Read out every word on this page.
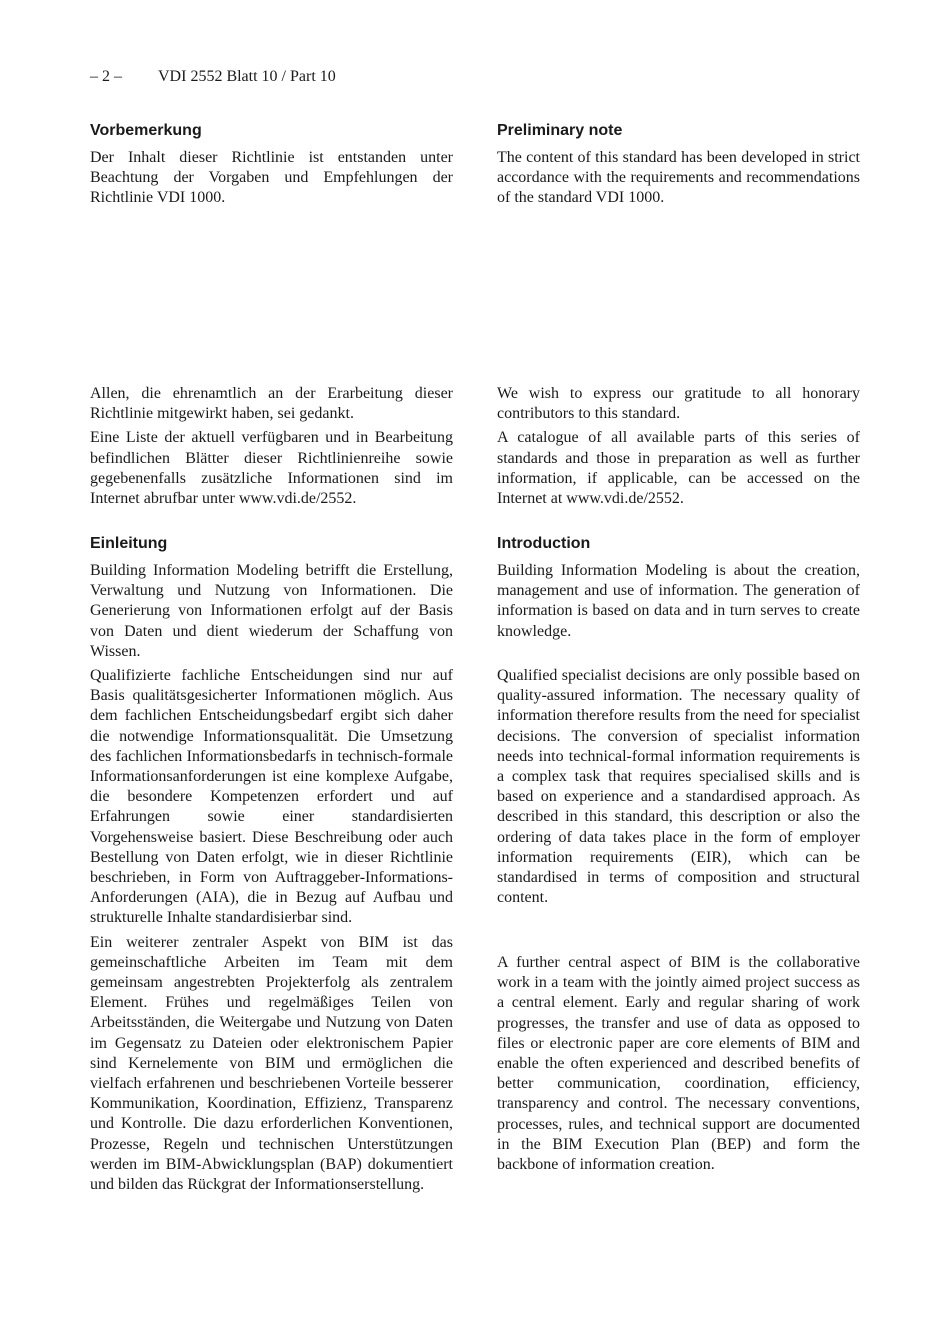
– 2 – VDI 2552 Blatt 10 / Part 10
Vorbemerkung

Der Inhalt dieser Richtlinie ist entstanden unter Beachtung der Vorgaben und Empfehlungen der Richtlinie VDI 1000.

Allen, die ehrenamtlich an der Erarbeitung dieser Richtlinie mitgewirkt haben, sei gedankt.

Eine Liste der aktuell verfügbaren und in Bearbeitung befindlichen Blätter dieser Richtlinienreihe sowie gegebenenfalls zusätzliche Informationen sind im Internet abrufbar unter www.vdi.de/2552.

Einleitung

Building Information Modeling betrifft die Erstellung, Verwaltung und Nutzung von Informationen. Die Generierung von Informationen erfolgt auf der Basis von Daten und dient wiederum der Schaffung von Wissen.

Qualifizierte fachliche Entscheidungen sind nur auf Basis qualitätsgesicherter Informationen möglich. Aus dem fachlichen Entscheidungsbedarf ergibt sich daher die notwendige Informationsqualität. Die Umsetzung des fachlichen Informationsbedarfs in technisch-formale Informationsanforderungen ist eine komplexe Aufgabe, die besondere Kompetenzen erfordert und auf Erfahrungen sowie einer standardisierten Vorgehensweise basiert. Diese Beschreibung oder auch Bestellung von Daten erfolgt, wie in dieser Richtlinie beschrieben, in Form von Auftraggeber-Informations-Anforderungen (AIA), die in Bezug auf Aufbau und strukturelle Inhalte standardisierbar sind.

Ein weiterer zentraler Aspekt von BIM ist das gemeinschaftliche Arbeiten im Team mit dem gemeinsam angestrebten Projekterfolg als zentralem Element. Frühes und regelmäßiges Teilen von Arbeitsständen, die Weitergabe und Nutzung von Daten im Gegensatz zu Dateien oder elektronischem Papier sind Kernelemente von BIM und ermöglichen die vielfach erfahrenen und beschriebenen Vorteile besserer Kommunikation, Koordination, Effizienz, Transparenz und Kontrolle. Die dazu erforderlichen Konventionen, Prozesse, Regeln und technischen Unterstützungen werden im BIM-Abwicklungsplan (BAP) dokumentiert und bilden das Rückgrat der Informationserstellung.

Preliminary note

The content of this standard has been developed in strict accordance with the requirements and recommendations of the standard VDI 1000.

We wish to express our gratitude to all honorary contributors to this standard.

A catalogue of all available parts of this series of standards and those in preparation as well as further information, if applicable, can be accessed on the Internet at www.vdi.de/2552.

Introduction

Building Information Modeling is about the creation, management and use of information. The generation of information is based on data and in turn serves to create knowledge.

Qualified specialist decisions are only possible based on quality-assured information. The necessary quality of information therefore results from the need for specialist decisions. The conversion of specialist information needs into technical-formal information requirements is a complex task that requires specialised skills and is based on experience and a standardised approach. As described in this standard, this description or also the ordering of data takes place in the form of employer information requirements (EIR), which can be standardised in terms of composition and structural content.

A further central aspect of BIM is the collaborative work in a team with the jointly aimed project success as a central element. Early and regular sharing of work progresses, the transfer and use of data as opposed to files or electronic paper are core elements of BIM and enable the often experienced and described benefits of better communication, coordination, efficiency, transparency and control. The necessary conventions, processes, rules, and technical support are documented in the BIM Execution Plan (BEP) and form the backbone of information creation.
